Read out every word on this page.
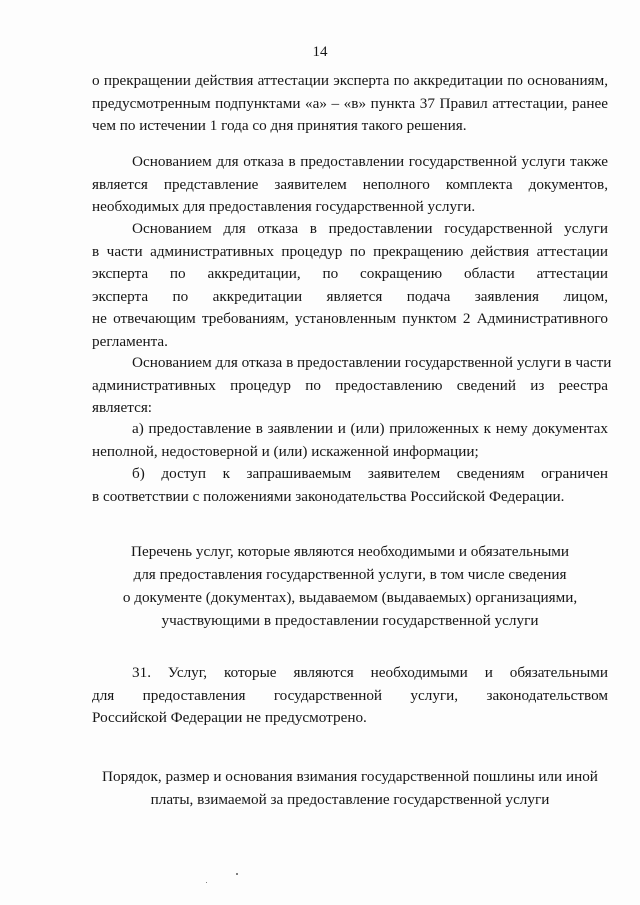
14
о прекращении действия аттестации эксперта по аккредитации по основаниям,
предусмотренным подпунктами «а» – «в» пункта 37 Правил аттестации, ранее
чем по истечении 1 года со дня принятия такого решения.
Основанием для отказа в предоставлении государственной услуги также
является представление заявителем неполного комплекта документов,
необходимых для предоставления государственной услуги.
Основанием для отказа в предоставлении государственной услуги
в части административных процедур по прекращению действия аттестации
эксперта по аккредитации, по сокращению области аттестации
эксперта по аккредитации является подача заявления лицом,
не отвечающим требованиям, установленным пунктом 2 Административного
регламента.
Основанием для отказа в предоставлении государственной услуги в части
административных процедур по предоставлению сведений из реестра
является:
а) предоставление в заявлении и (или) приложенных к нему документах
неполной, недостоверной и (или) искаженной информации;
б) доступ к запрашиваемым заявителем сведениям ограничен
в соответствии с положениями законодательства Российской Федерации.
Перечень услуг, которые являются необходимыми и обязательными
для предоставления государственной услуги, в том числе сведения
о документе (документах), выдаваемом (выдаваемых) организациями,
участвующими в предоставлении государственной услуги
31. Услуг, которые являются необходимыми и обязательными
для предоставления государственной услуги, законодательством
Российской Федерации не предусмотрено.
Порядок, размер и основания взимания государственной пошлины или иной
платы, взимаемой за предоставление государственной услуги
